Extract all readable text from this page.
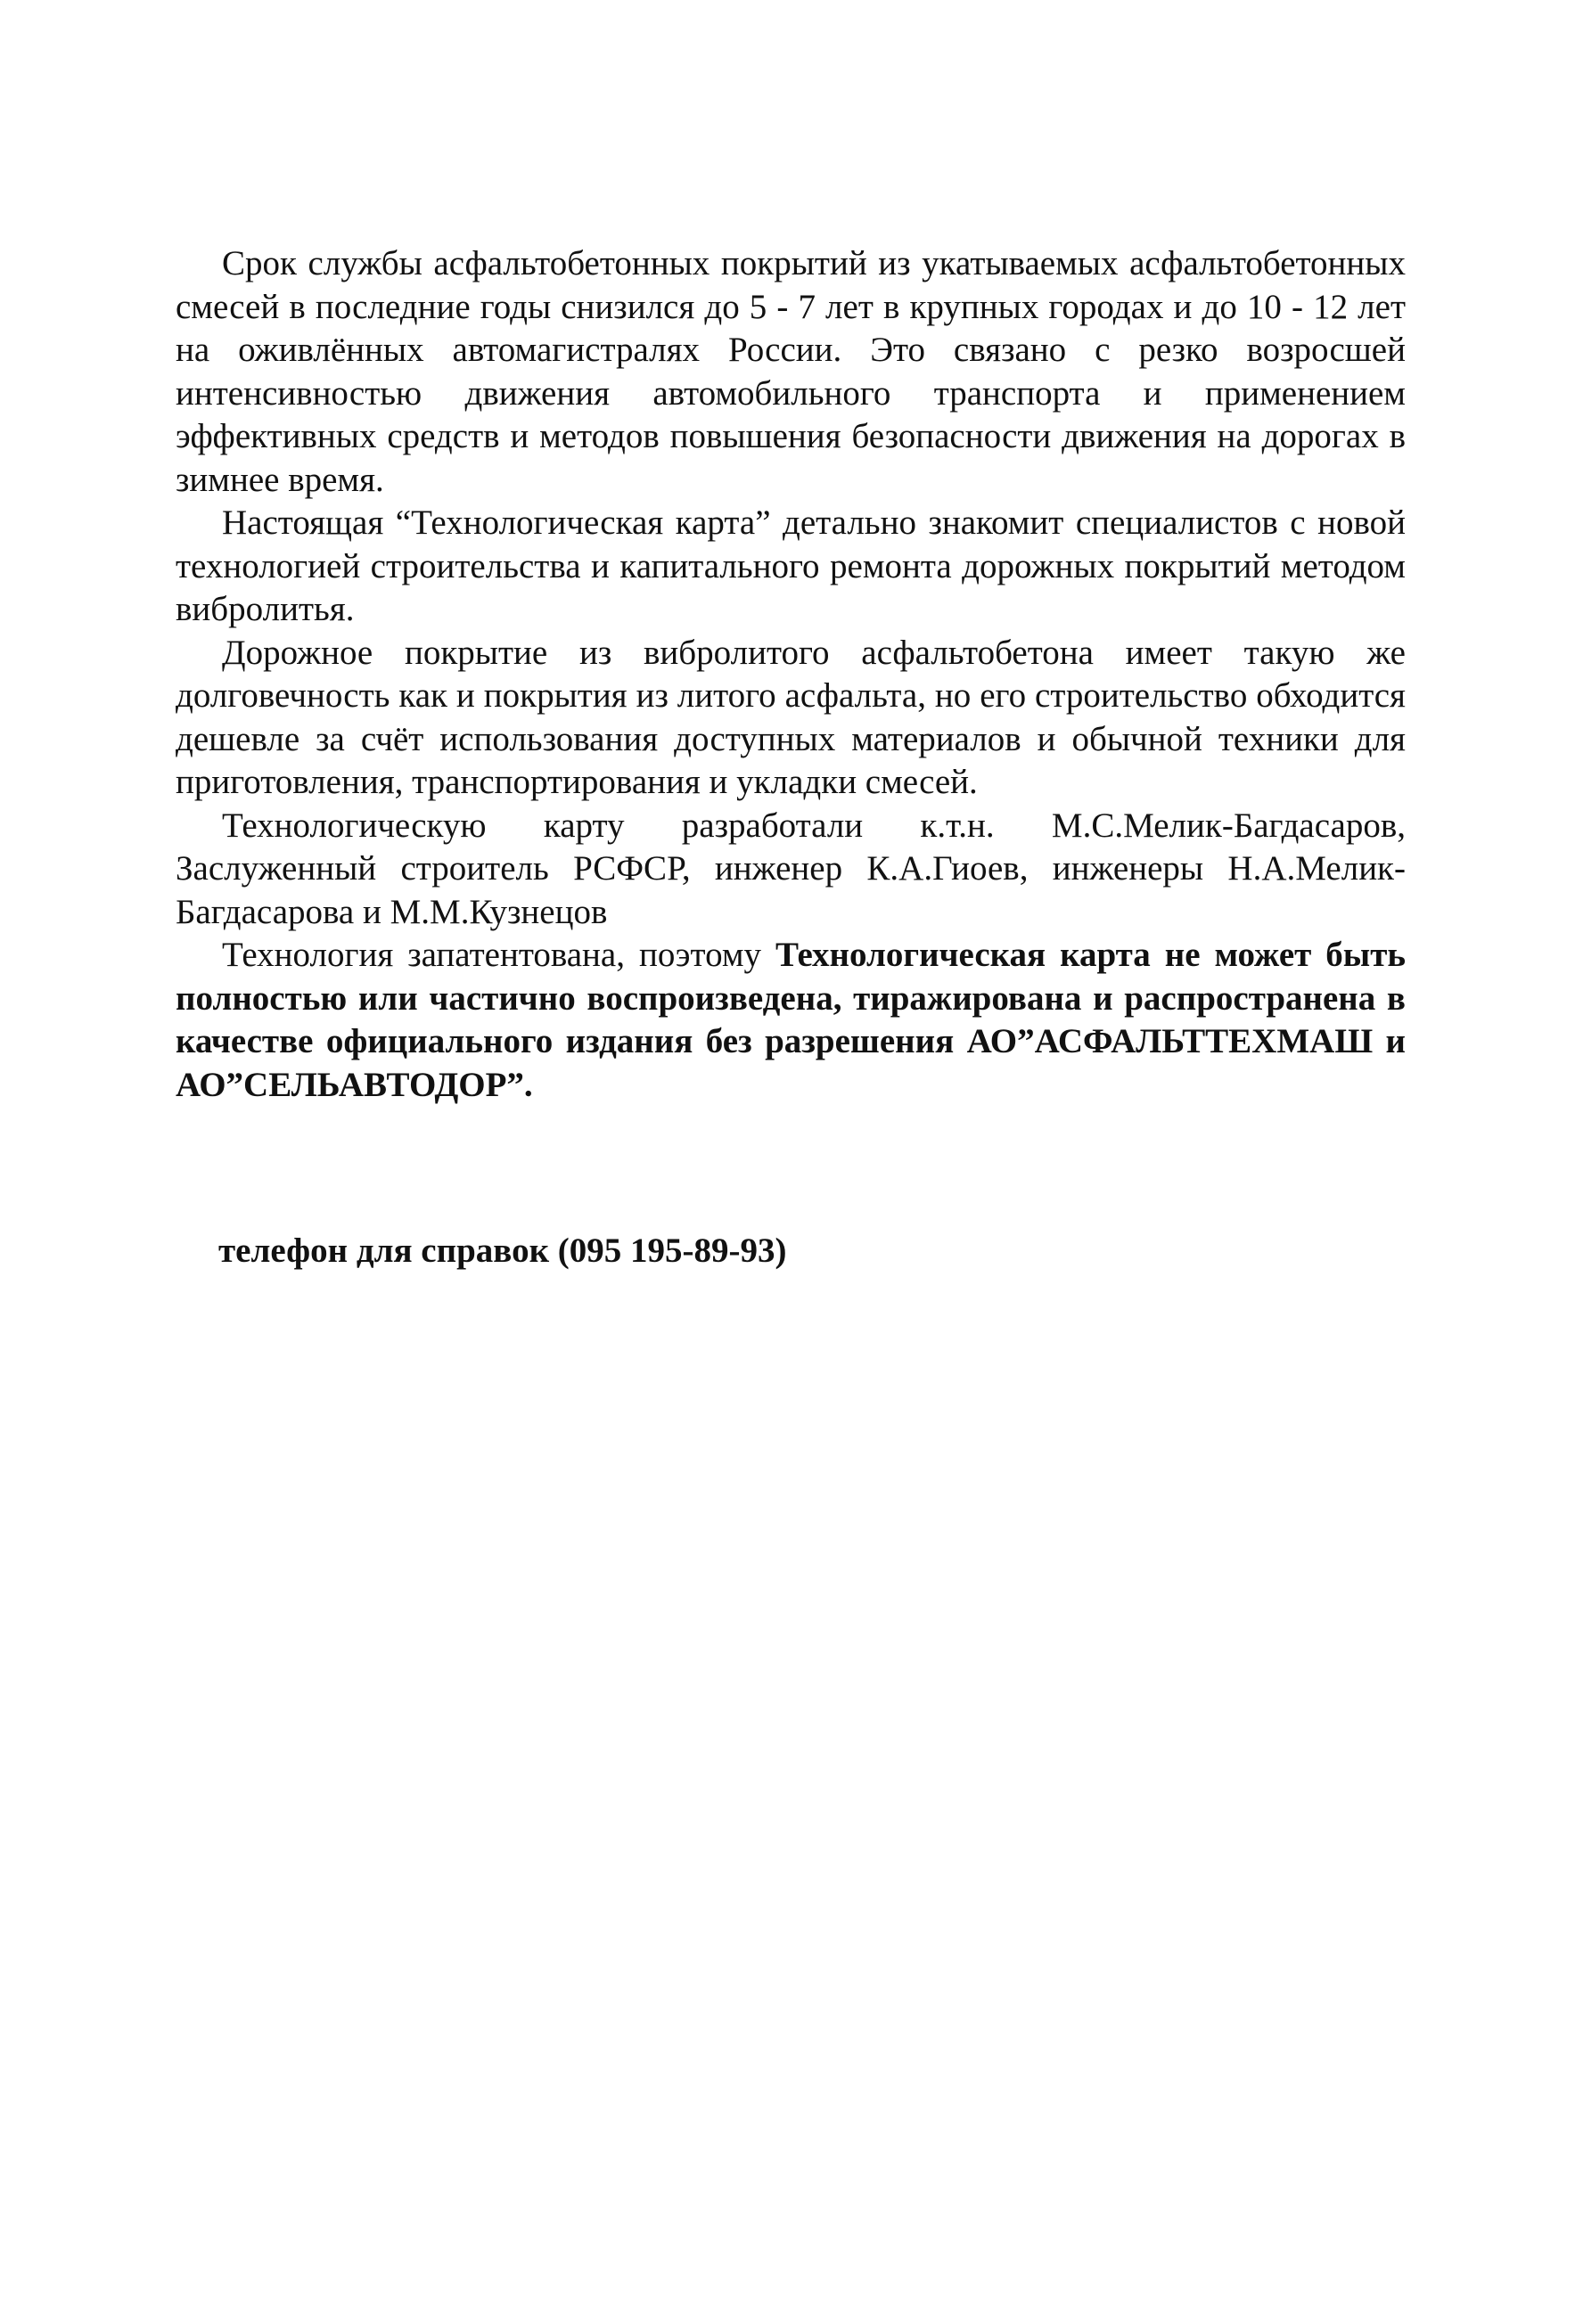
Срок службы асфальтобетонных покрытий из укатываемых асфальтобетонных смесей в последние годы снизился до 5 - 7 лет в крупных городах и до 10 - 12 лет на оживлённых автомагистралях России. Это связано с резко возросшей интенсивностью движения автомобильного транспорта и применением эффективных средств и методов повышения безопасности движения на дорогах в зимнее время.

Настоящая “Технологическая карта” детально знакомит специалистов с новой технологией строительства и капитального ремонта дорожных покрытий методом вибролитья.

Дорожное покрытие из вибролитого асфальтобетона имеет такую же долговечность как и покрытия из литого асфальта, но его строительство обходится дешевле за счёт использования доступных материалов и обычной техники для приготовления, транспортирования и укладки смесей.

Технологическую карту разработали к.т.н. М.С.Мелик-Багдасаров, Заслуженный строитель РСФСР, инженер К.А.Гиоев, инженеры Н.А.Мелик- Багдасарова и М.М.Кузнецов

Технология запатентована, поэтому Технологическая карта не может быть полностью или частично воспроизведена, тиражирована и распространена в качестве официального издания без разрешения АО”АСФАЛЬТТЕХМАШ и АО”СЕЛЬАВТОДОР”.

телефон для справок (095 195-89-93)
